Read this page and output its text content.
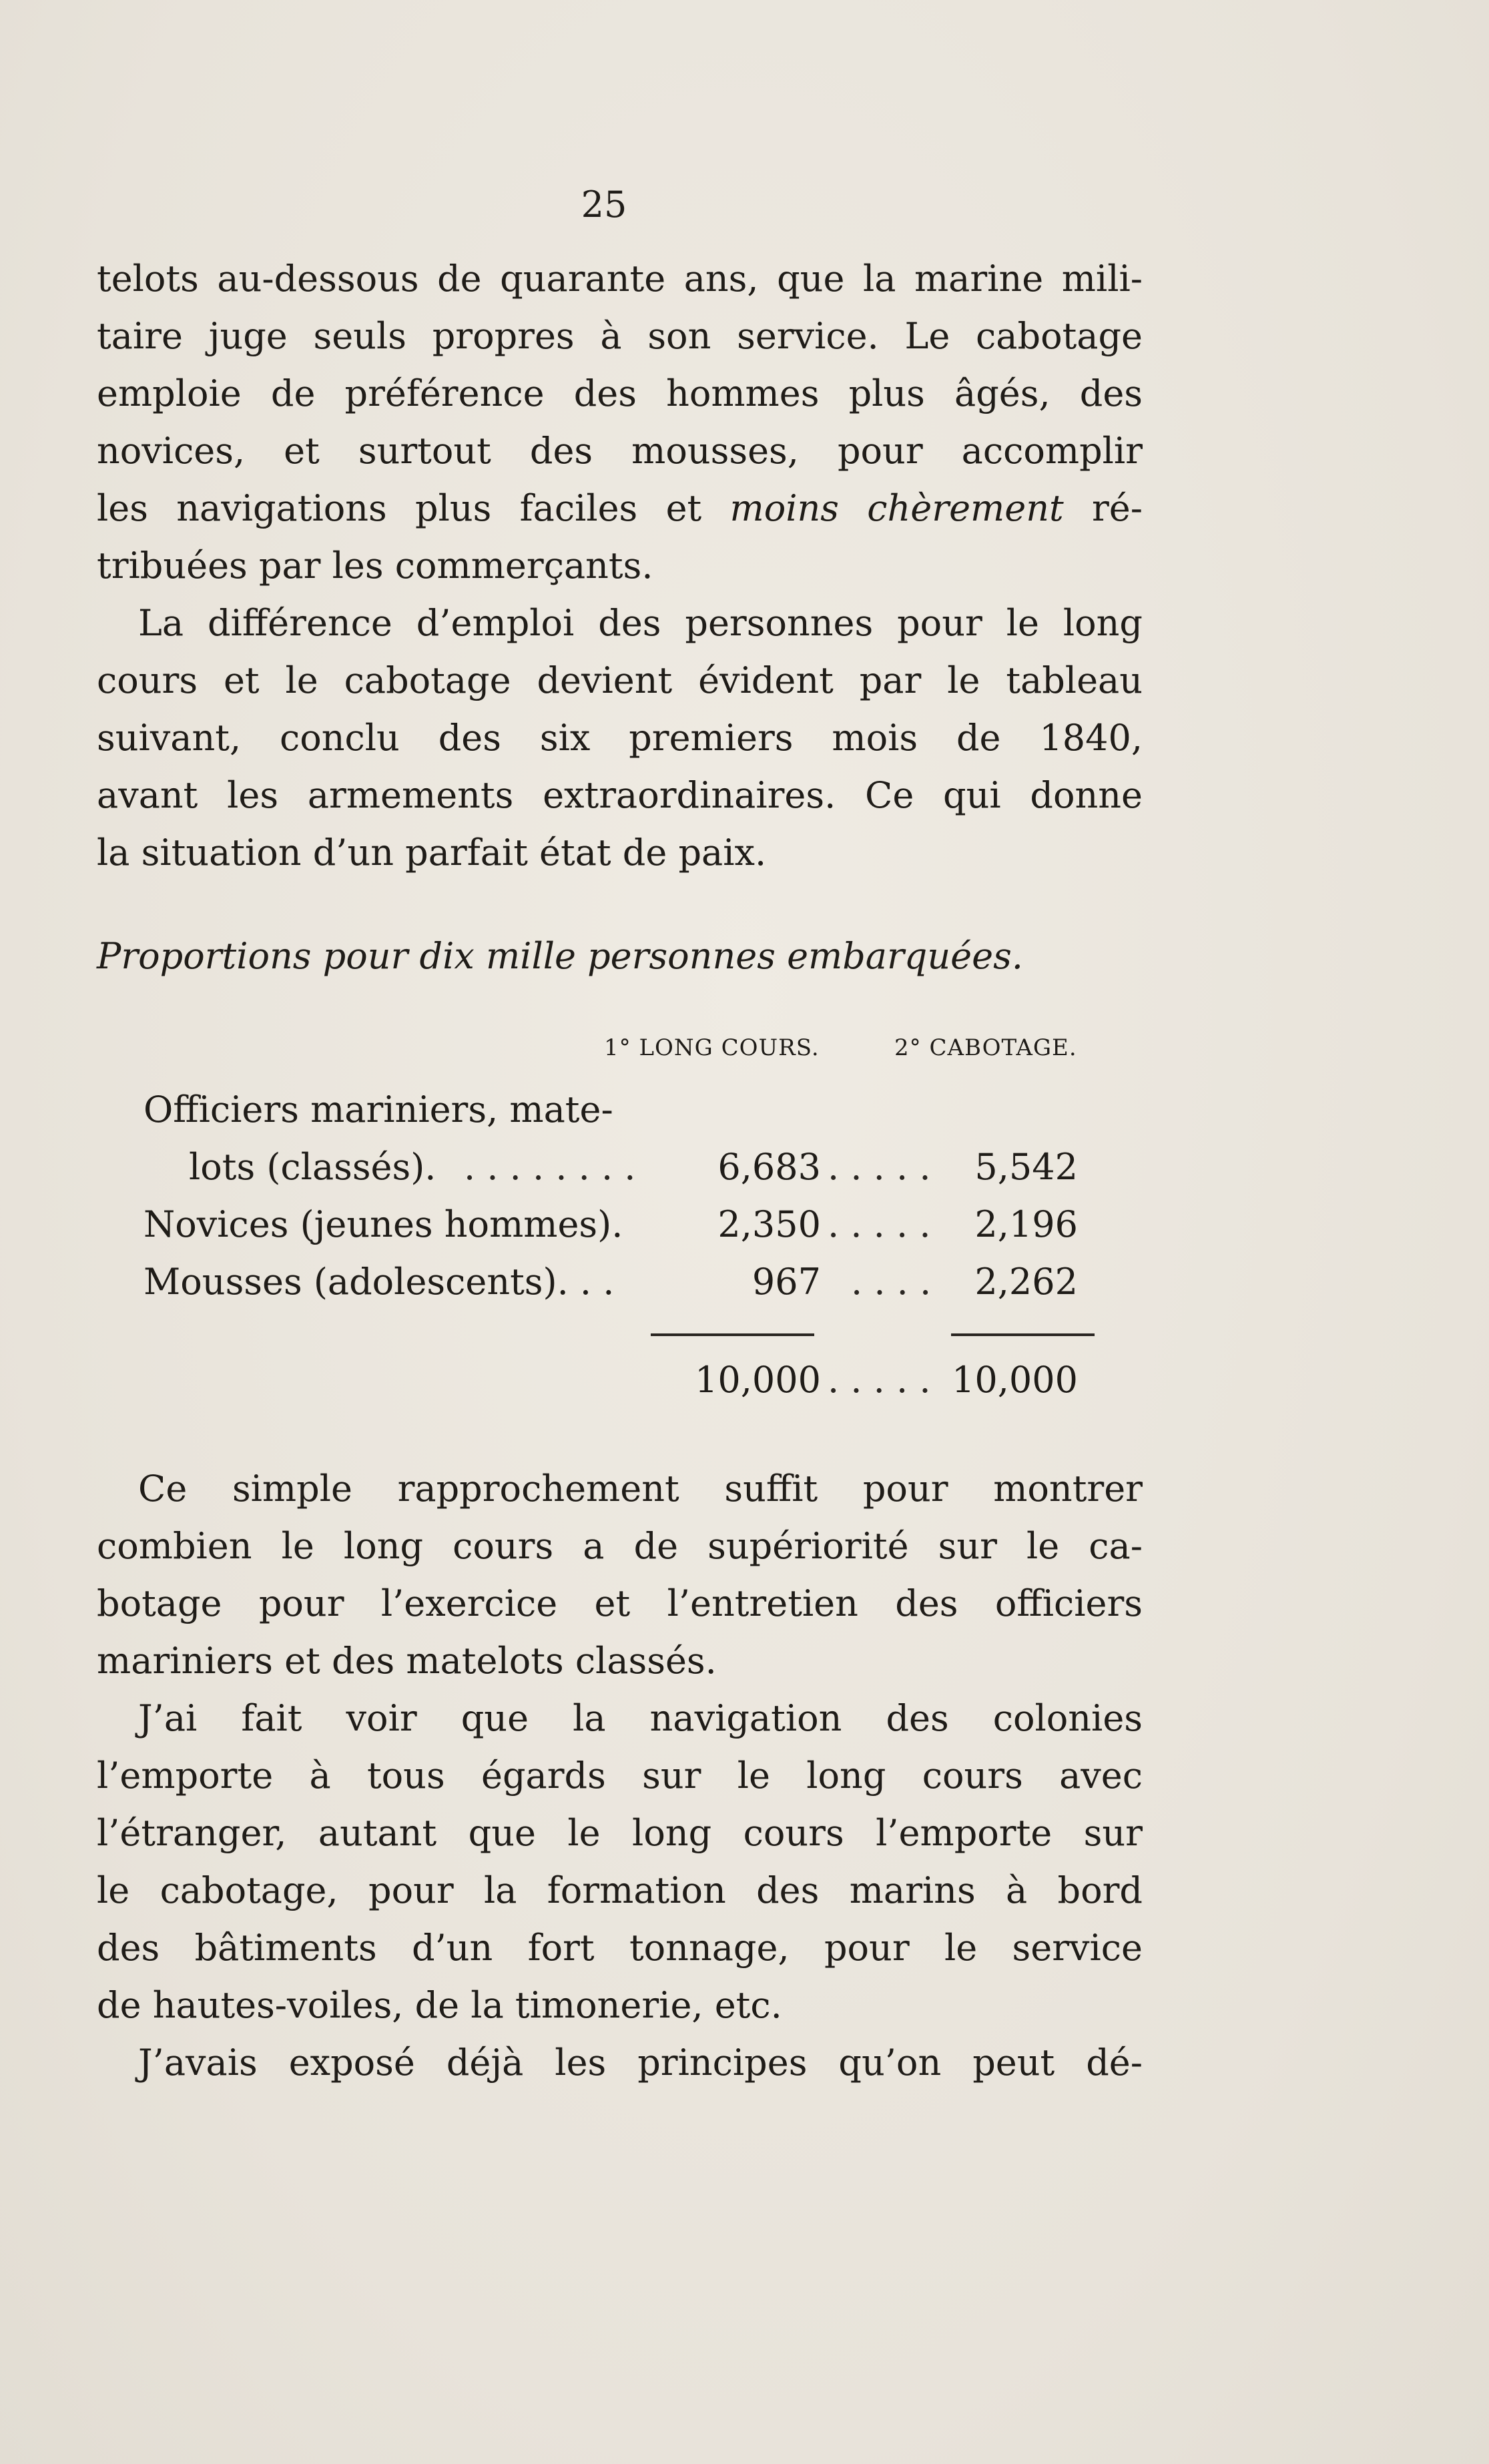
25
telots au-dessous de quarante ans, que la marine mili-
taire juge seuls propres à son service. Le cabotage
emploie de préférence des hommes plus âgés, des
novices, et surtout des mousses, pour accomplir
les navigations plus faciles et moins chèrement ré-
tribuées par les commerçants.
La différence d’emploi des personnes pour le long
cours et le cabotage devient évident par le tableau
suivant, conclu des six premiers mois de 1840,
avant les armements extraordinaires. Ce qui donne
la situation d’un parfait état de paix.
Proportions pour dix mille personnes embarquées.
1° LONG COURS.	2° CABOTAGE.
Officiers mariniers, mate-
lots (classés). . . . . . . . . 6,683 . . . . . 5,542
Novices (jeunes hommes).	2,350 . . . . . 2,196
Mousses (adolescents). . .	967 . . . . 2,262
10,000 . . . . . 10,000
Ce simple rapprochement suffit pour montrer
combien le long cours a de supériorité sur le ca-
botage pour l’exercice et l’entretien des officiers
mariniers et des matelots classés.
J’ai fait voir que la navigation des colonies
l’emporte à tous égards sur le long cours avec
l’étranger, autant que le long cours l’emporte sur
le cabotage, pour la formation des marins à bord
des bâtiments d’un fort tonnage, pour le service
de hautes-voiles, de la timonerie, etc.
J’avais exposé déjà les principes qu’on peut dé-
